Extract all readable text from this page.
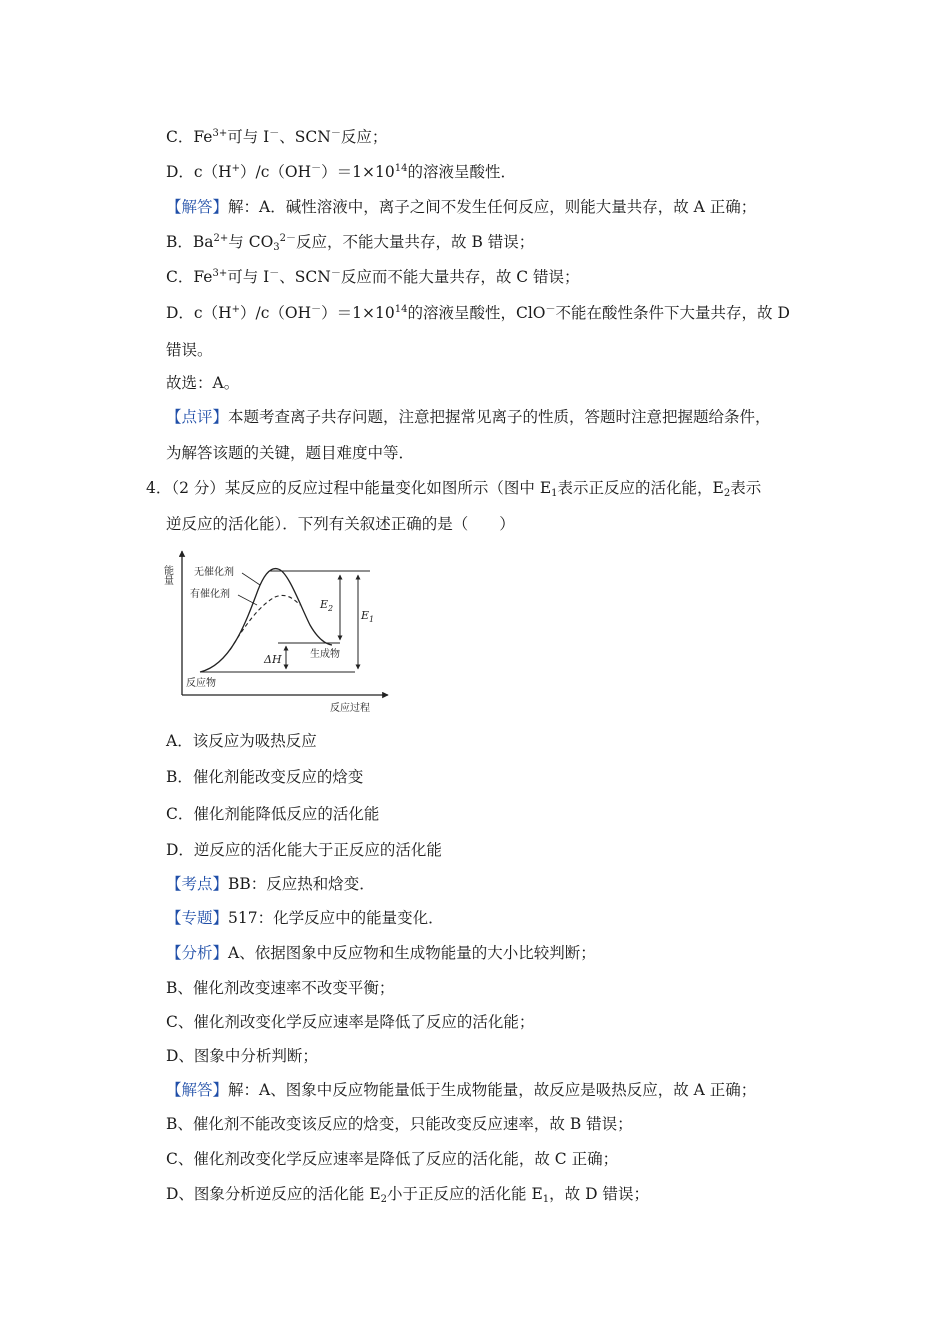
C．$Fe^{3+}$可与 I－、SCN－反应；
D．$c(H^+)/c(OH^-)=1\times 10^{14}$的溶液呈酸性．
【解答】解：A．碱性溶液中，离子之间不发生任何反应，则能大量共存，故 A 正确；
B．$Ba^{2+}$与 $CO_3^{2-}$反应，不能大量共存，故 B 错误；
C．$Fe^{3+}$可与 I－、SCN－反应而不能大量共存，故 C 错误；
D．$c(H^+)/c(OH^-)=1\times 10^{14}$的溶液呈酸性，ClO－不能在酸性条件下大量共存，故 D
错误。
故选：A。
【点评】本题考查离子共存问题，注意把握常见离子的性质，答题时注意把握题给条件，
为解答该题的关键，题目难度中等．
4．（2 分）某反应的反应过程中能量变化如图所示（图中 $E_1$表示正反应的活化能，$E_2$表示
逆反应的活化能）．下列有关叙述正确的是（　　）
能量
反应过程
反应物
无催化剂
有催化剂
生成物
$E_2$
$E_1$
ΔH
A．该反应为吸热反应
B．催化剂能改变反应的焓变
C．催化剂能降低反应的活化能
D．逆反应的活化能大于正反应的活化能
【考点】BB：反应热和焓变．
【专题】517：化学反应中的能量变化．
【分析】A、依据图象中反应物和生成物能量的大小比较判断；
B、催化剂改变速率不改变平衡；
C、催化剂改变化学反应速率是降低了反应的活化能；
D、图象中分析判断；
【解答】解：A、图象中反应物能量低于生成物能量，故反应是吸热反应，故 A 正确；
B、催化剂不能改变该反应的焓变，只能改变反应速率，故 B 错误；
C、催化剂改变化学反应速率是降低了反应的活化能，故 C 正确；
D、图象分析逆反应的活化能 $E_2$小于正反应的活化能 $E_1$，故 D 错误；
